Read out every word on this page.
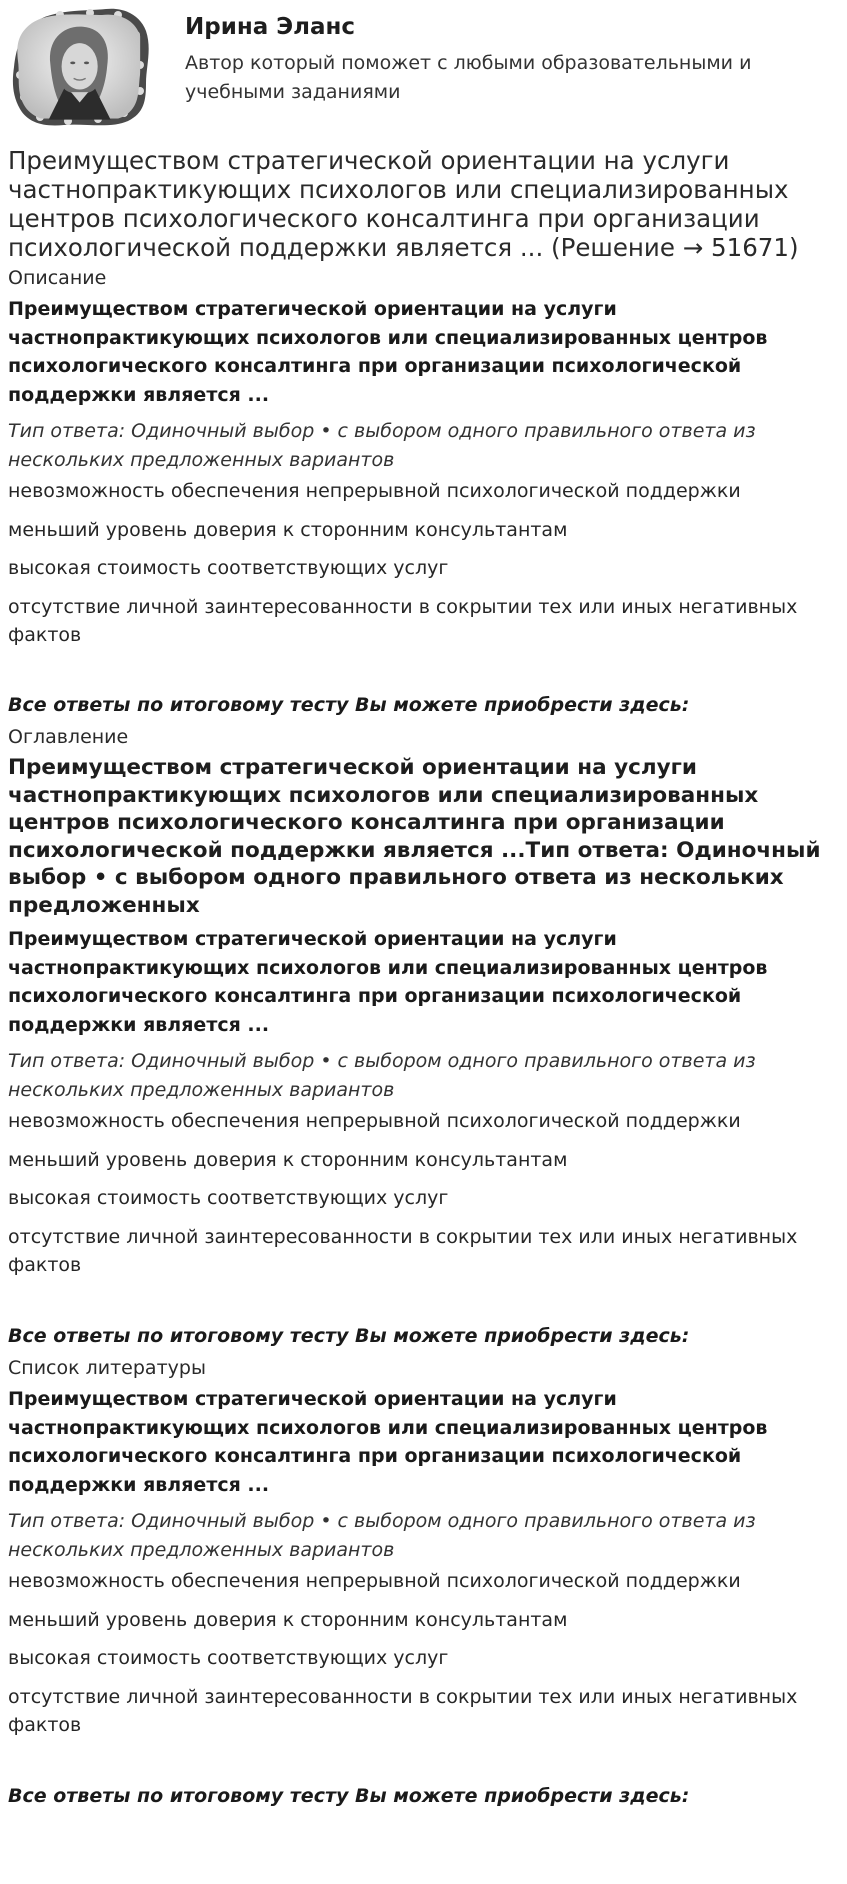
Ирина Эланс
Автор который поможет с любыми образовательными и учебными заданиями
Преимуществом стратегической ориентации на услуги частнопрактикующих психологов или специализированных центров психологического консалтинга при организации психологической поддержки является ... (Решение → 51671)
Описание

Преимуществом стратегической ориентации на услуги частнопрактикующих психологов или специализированных центров психологического консалтинга при организации психологической поддержки является ...

Тип ответа: Одиночный выбор • с выбором одного правильного ответа из нескольких предложенных вариантов

невозможность обеспечения непрерывной психологической поддержки
меньший уровень доверия к сторонним консультантам
высокая стоимость соответствующих услуг
отсутствие личной заинтересованности в сокрытии тех или иных негативных фактов

Все ответы по итоговому тесту Вы можете приобрести здесь:

Оглавление
Преимуществом стратегической ориентации на услуги частнопрактикующих психологов или специализированных центров психологического консалтинга при организации психологической поддержки является ...Тип ответа: Одиночный выбор • с выбором одного правильного ответа из нескольких предложенных

Преимуществом стратегической ориентации на услуги частнопрактикующих психологов или специализированных центров психологического консалтинга при организации психологической поддержки является ...

Тип ответа: Одиночный выбор • с выбором одного правильного ответа из нескольких предложенных вариантов

невозможность обеспечения непрерывной психологической поддержки
меньший уровень доверия к сторонним консультантам
высокая стоимость соответствующих услуг
отсутствие личной заинтересованности в сокрытии тех или иных негативных фактов

Все ответы по итоговому тесту Вы можете приобрести здесь:

Список литературы

Преимуществом стратегической ориентации на услуги частнопрактикующих психологов или специализированных центров психологического консалтинга при организации психологической поддержки является ...

Тип ответа: Одиночный выбор • с выбором одного правильного ответа из нескольких предложенных вариантов

невозможность обеспечения непрерывной психологической поддержки
меньший уровень доверия к сторонним консультантам
высокая стоимость соответствующих услуг
отсутствие личной заинтересованности в сокрытии тех или иных негативных фактов

Все ответы по итоговому тесту Вы можете приобрести здесь:
